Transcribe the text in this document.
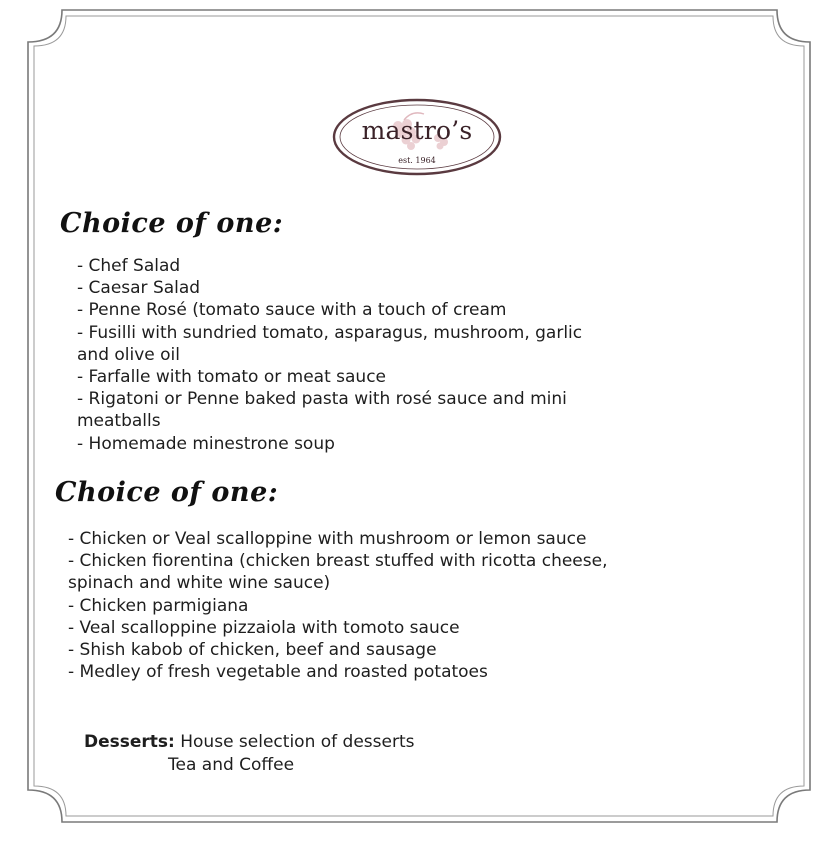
mastro’s
est. 1964
Choice of one:
- Chef Salad
- Caesar Salad
- Penne Rosé (tomato sauce with a touch of cream
- Fusilli with sundried tomato, asparagus, mushroom, garlic
and olive oil
- Farfalle with tomato or meat sauce
- Rigatoni or Penne baked pasta with rosé sauce and mini
meatballs
- Homemade minestrone soup
Choice of one:
- Chicken or Veal scalloppine with mushroom or lemon sauce
- Chicken fiorentina (chicken breast stuffed with ricotta cheese,
spinach and white wine sauce)
- Chicken parmigiana
- Veal scalloppine pizzaiola with tomoto sauce
- Shish kabob of chicken, beef and sausage
- Medley of fresh vegetable and roasted potatoes
Desserts: House selection of desserts
Tea and Coffee
